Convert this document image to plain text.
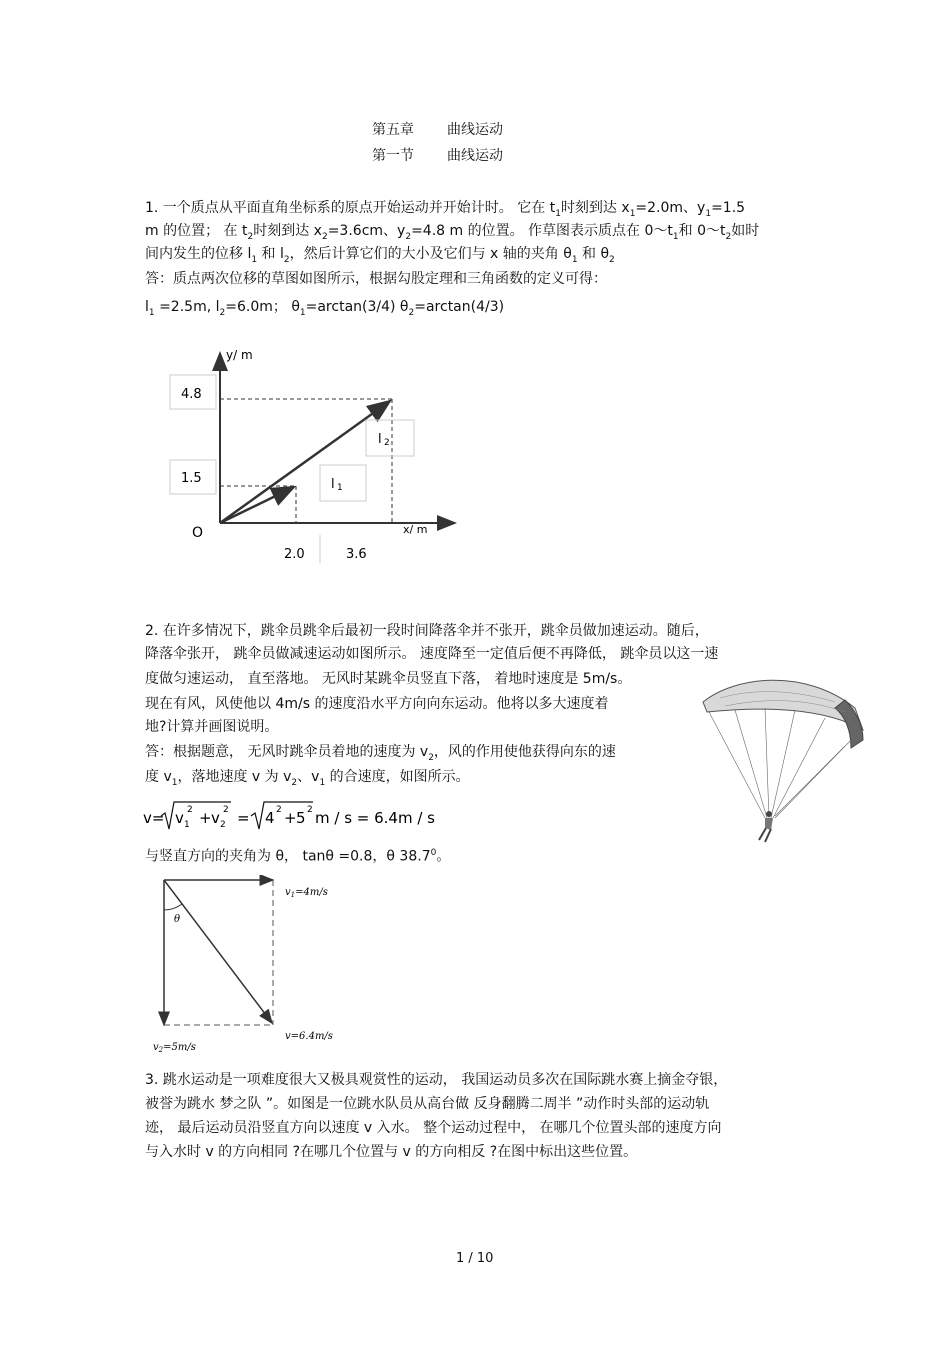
第五章 曲线运动
第一节 曲线运动
1. 一个质点从平面直角坐标系的原点开始运动并开始计时。 它在 $t_1$时刻到达 $x_1=2.0m$、$y_1=1.5$
m 的位置； 在 $t_2$时刻到达 $x_2=3.6cm$、$y_2=4.8$ m 的位置。 作草图表示质点在 $0\sim t_1$和 $0\sim t_2$如时
间内发生的位移 $l_1$ 和 $l_2$，然后计算它们的大小及它们与 x 轴的夹角 $\theta_1$ 和 $\theta_2$
答：质点两次位移的草图如图所示，根据勾股定理和三角函数的定义可得：
$l_1 =2.5m$, $l_2=6.0m$； $\theta_1=\arctan(3/4)$ $\theta_2=\arctan(4/3)$
y/ m
x/ m
O
4.8
1.5
2.0	3.6
l 2
l 1
2. 在许多情况下，跳伞员跳伞后最初一段时间降落伞并不张开，跳伞员做加速运动。随后，
降落伞张开， 跳伞员做减速运动如图所示。 速度降至一定值后便不再降低， 跳伞员以这一速
度做匀速运动， 直至落地。 无风时某跳伞员竖直下落， 着地时速度是 5m/s。
现在有风，风使他以 4m/s 的速度沿水平方向向东运动。他将以多大速度着
地?计算并画图说明。
答：根据题意， 无风时跳伞员着地的速度为 $v_2$，风的作用使他获得向东的速
度 $v_1$，落地速度 v 为 $v_2$、$v_1$ 的合速度，如图所示。
v= v 1
2 + v 2
2 = 4 2 + 5 2 m / s = 6.4m / s
与竖直方向的夹角为 θ， tanθ =0.8，θ 38.7$^0$。
θ
$v_1=4m/s$
v=6.4m/s
$v_2=5m/s$
3. 跳水运动是一项难度很大又极具观赏性的运动， 我国运动员多次在国际跳水赛上摘金夺银，
被誉为跳水 梦之队 ”。如图是一位跳水队员从高台做 反身翻腾二周半 ”动作时头部的运动轨
迹， 最后运动员沿竖直方向以速度 v 入水。 整个运动过程中， 在哪几个位置头部的速度方向
与入水时 v 的方向相同 ?在哪几个位置与 v 的方向相反 ?在图中标出这些位置。
1 / 10
